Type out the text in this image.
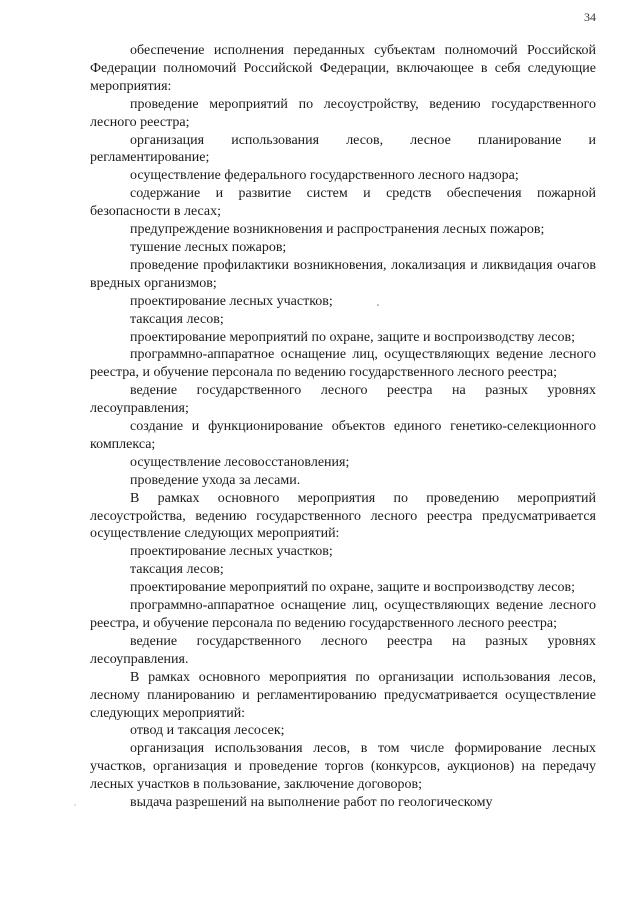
34

обеспечение исполнения переданных субъектам полномочий Российской Федерации полномочий Российской Федерации, включающее в себя следующие мероприятия:

проведение мероприятий по лесоустройству, ведению государственного лесного реестра;

организация использования лесов, лесное планирование и регламентирование;

осуществление федерального государственного лесного надзора;

содержание и развитие систем и средств обеспечения пожарной безопасности в лесах;

предупреждение возникновения и распространения лесных пожаров;

тушение лесных пожаров;

проведение профилактики возникновения, локализация и ликвидация очагов вредных организмов;

проектирование лесных участков;

таксация лесов;

проектирование мероприятий по охране, защите и воспроизводству лесов;

программно-аппаратное оснащение лиц, осуществляющих ведение лесного реестра, и обучение персонала по ведению государственного лесного реестра;

ведение государственного лесного реестра на разных уровнях лесоуправления;

создание и функционирование объектов единого генетико-селекционного комплекса;

осуществление лесовосстановления;

проведение ухода за лесами.

В рамках основного мероприятия по проведению мероприятий лесоустройства, ведению государственного лесного реестра предусматривается осуществление следующих мероприятий:

проектирование лесных участков;

таксация лесов;

проектирование мероприятий по охране, защите и воспроизводству лесов;

программно-аппаратное оснащение лиц, осуществляющих ведение лесного реестра, и обучение персонала по ведению государственного лесного реестра;

ведение государственного лесного реестра на разных уровнях лесоуправления.

В рамках основного мероприятия по организации использования лесов, лесному планированию и регламентированию предусматривается осуществление следующих мероприятий:

отвод и таксация лесосек;

организация использования лесов, в том числе формирование лесных участков, организация и проведение торгов (конкурсов, аукционов) на передачу лесных участков в пользование, заключение договоров;

выдача разрешений на выполнение работ по геологическому
